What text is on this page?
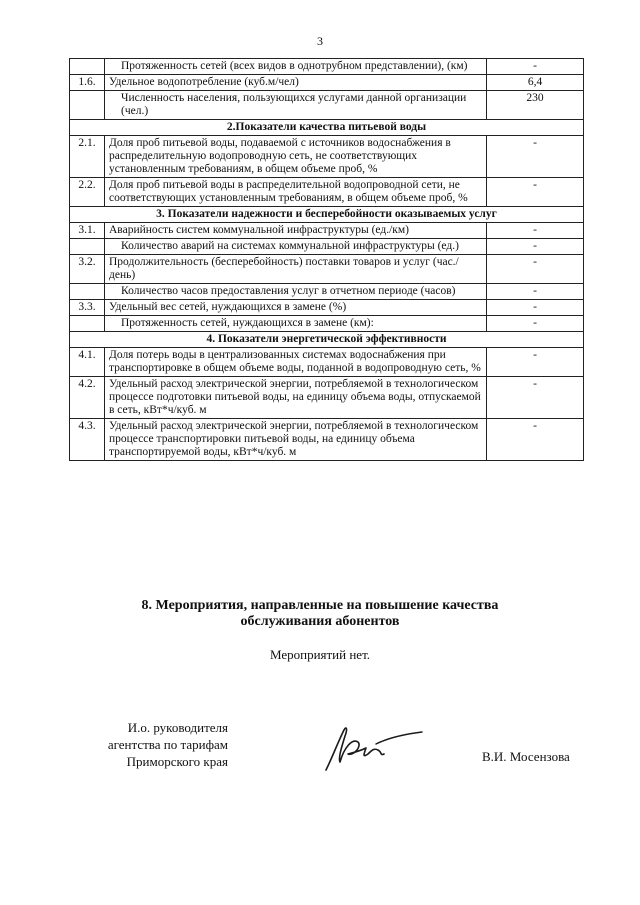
3
	Протяженность сетей (всех видов в однотрубном представлении), (км)	-
1.6.	Удельное водопотребление (куб.м/чел)	6,4
	Численность населения, пользующихся услугами данной организации (чел.)	230
2.Показатели качества питьевой воды		
2.1.	Доля проб питьевой воды, подаваемой с источников водоснабжения в распределительную водопроводную сеть, не соответствующих установленным требованиям, в общем объеме проб, %	-
2.2.	Доля проб питьевой воды в распределительной водопроводной сети, не соответствующих установленным требованиям, в общем объеме проб, %	-
3. Показатели надежности и бесперебойности оказываемых услуг		
3.1.	Аварийность систем коммунальной инфраструктуры (ед./км)	-
	Количество аварий на системах коммунальной инфраструктуры (ед.)	-
3.2.	Продолжительность (бесперебойность) поставки товаров и услуг (час./день)	-
	Количество часов предоставления услуг в отчетном периоде (часов)	-
3.3.	Удельный вес сетей, нуждающихся в замене (%)	-
	Протяженность сетей, нуждающихся в замене (км):	-
4. Показатели энергетической эффективности		
4.1.	Доля потерь воды в централизованных системах водоснабжения при транспортировке в общем объеме воды, поданной в водопроводную сеть, %	-
4.2.	Удельный расход электрической энергии, потребляемой в технологическом процессе подготовки питьевой воды, на единицу объема воды, отпускаемой в сеть, кВт*ч/куб. м	-
4.3.	Удельный расход электрической энергии, потребляемой в технологическом процессе транспортировки питьевой воды, на единицу объема транспортируемой воды, кВт*ч/куб. м	-
8. Мероприятия, направленные на повышение качества
обслуживания абонентов
Мероприятий нет.
И.о. руководителя
агентства по тарифам
Приморского края	В.И. Мосензова
